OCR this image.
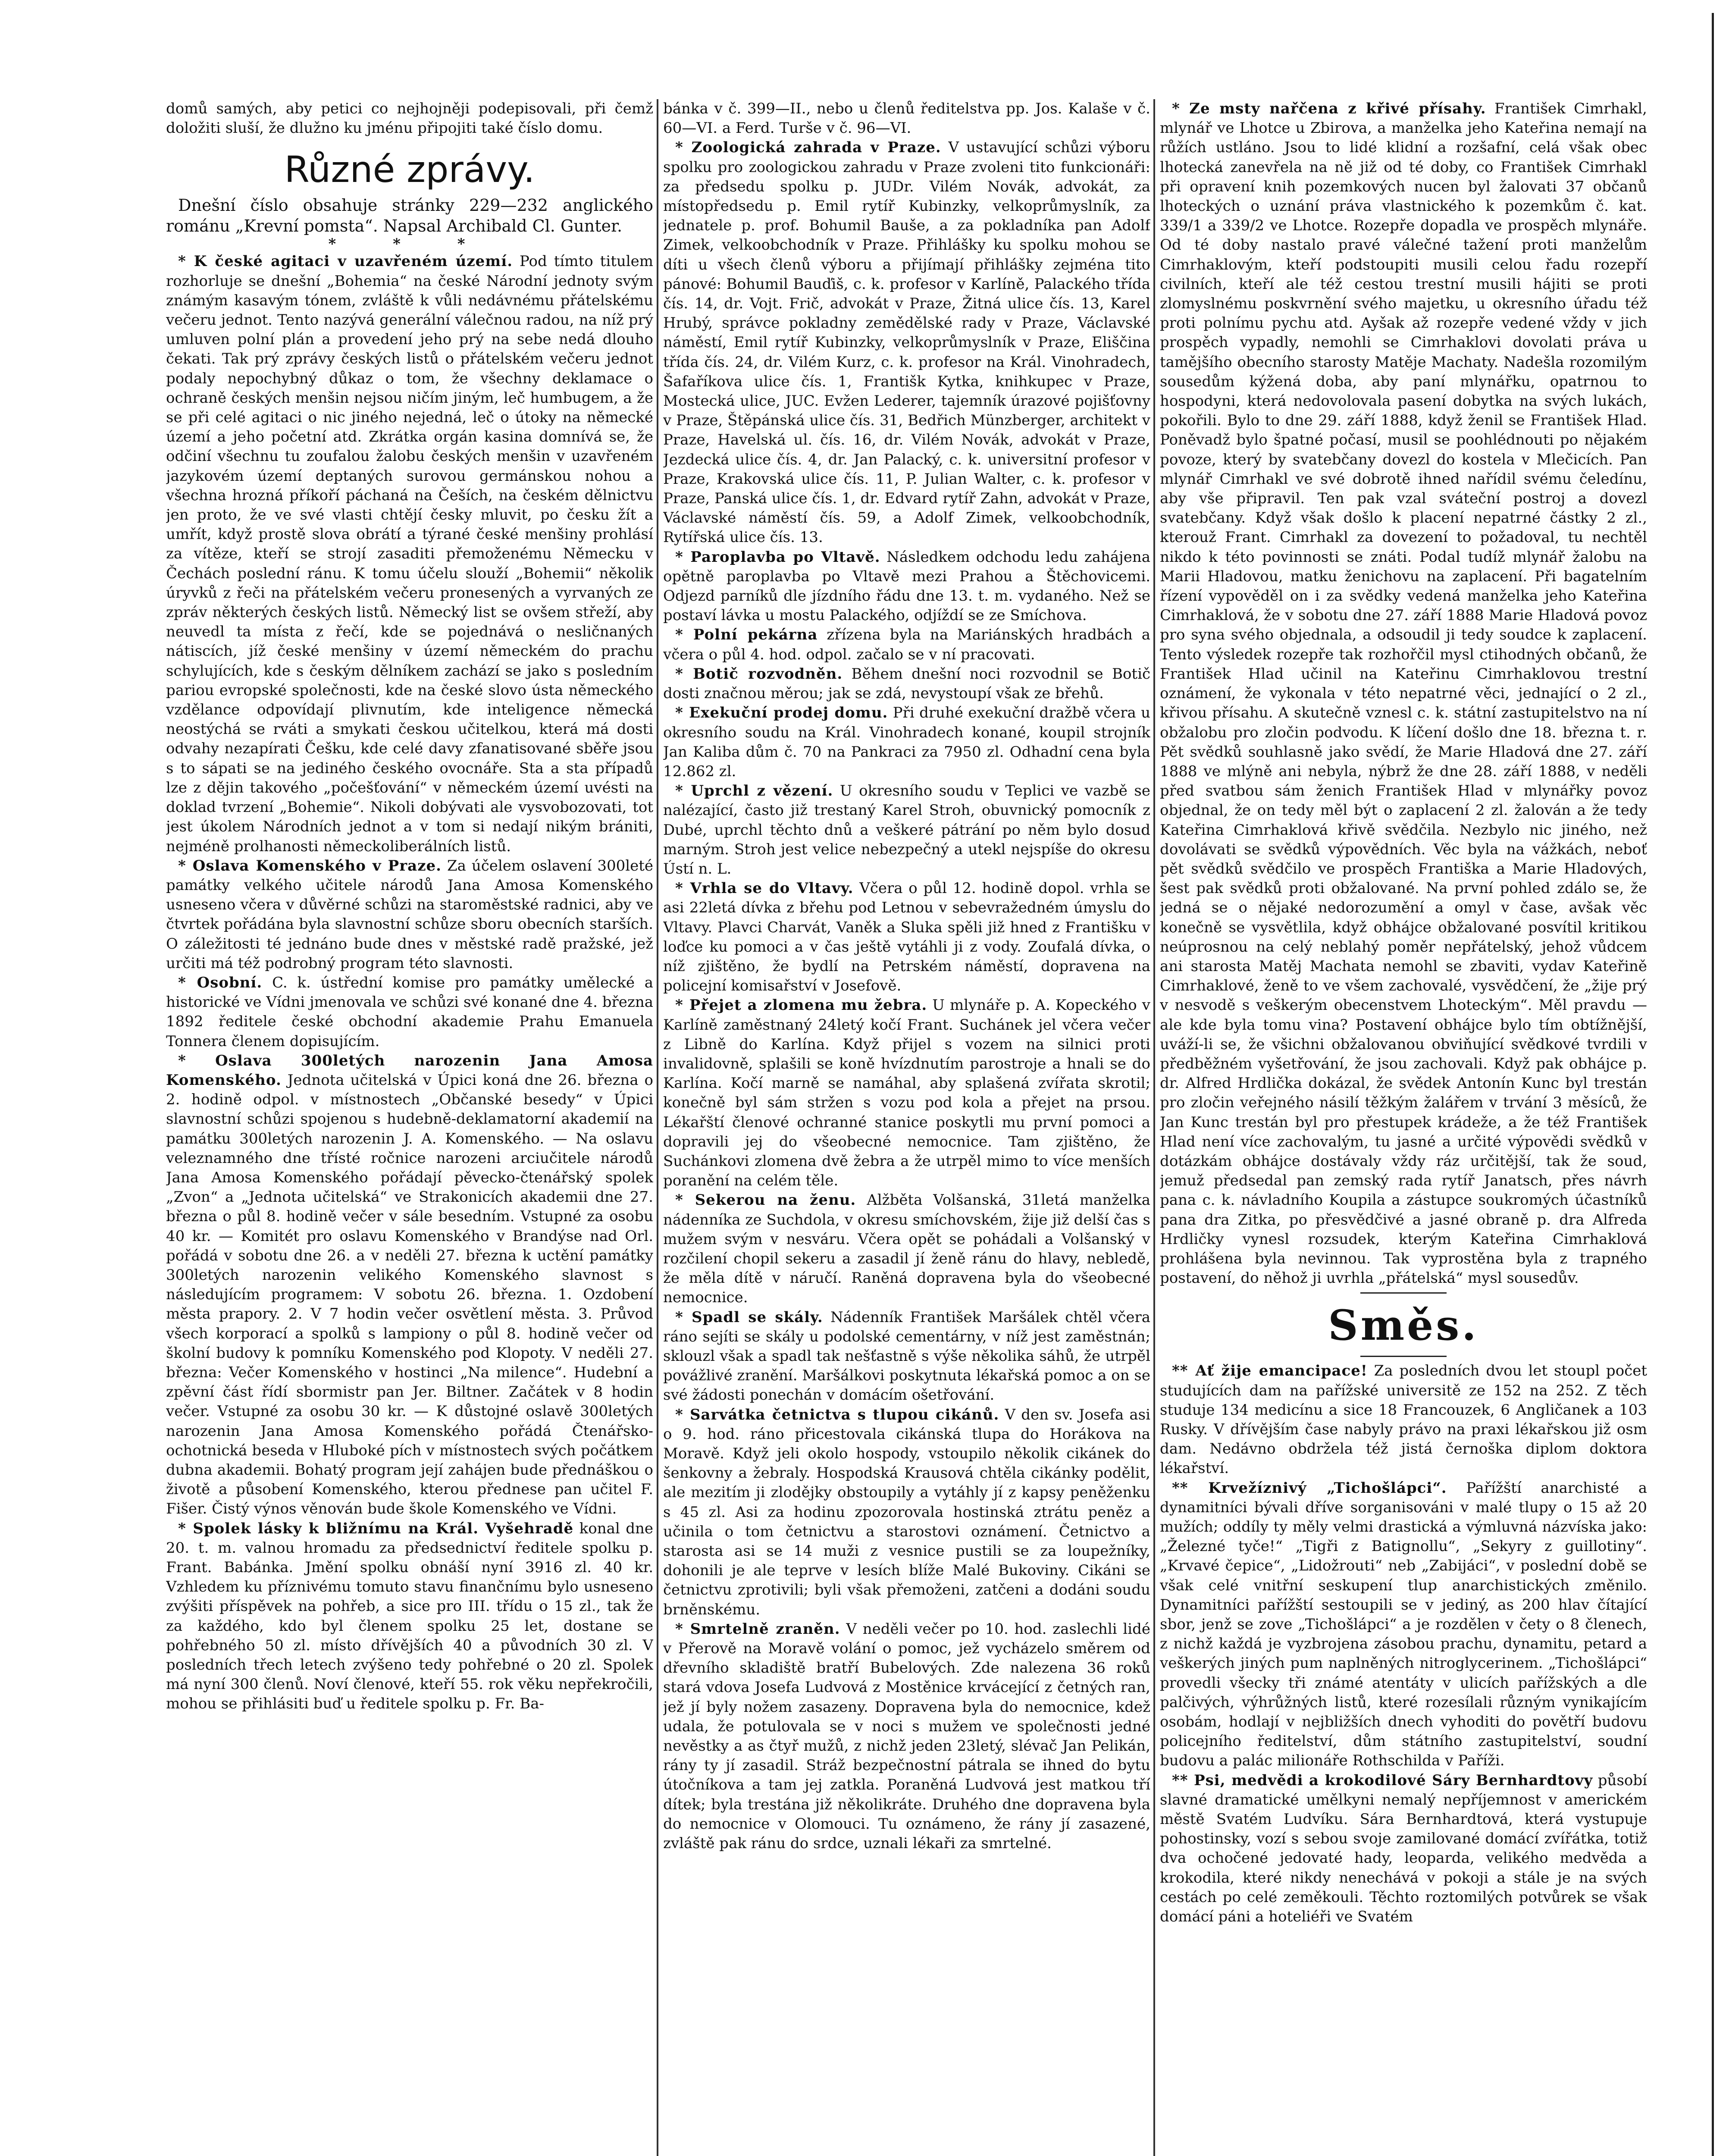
domů samých, aby petici co nejhojněji podepisovali, při čemž doložiti sluší, že dlužno ku jménu připojiti také číslo domu.

Různé zprávy.

Dnešní číslo obsahuje stránky 229—232 anglického románu „Krevní pomsta“. Napsal Archibald Cl. Gunter.

* * *

* K české agitaci v uzavřeném území. Pod tímto titulem rozhorluje se dnešní „Bohemia“ na české Národní jednoty svým známým kasavým tónem, zvláště k vůli nedávnému přátelskému večeru jednot. Tento nazývá generální válečnou radou, na níž prý umluven polní plán a provedení jeho prý na sebe nedá dlouho čekati. Tak prý zprávy českých listů o přátelském večeru jednot podaly nepochybný důkaz o tom, že všechny deklamace o ochraně českých menšin nejsou ničím jiným, leč humbugem, a že se při celé agitaci o nic jiného nejedná, leč o útoky na německé území a jeho početní atd. Zkrátka orgán kasina domnívá se, že odčiní všechnu tu zoufalou žalobu českých menšin v uzavřeném jazykovém území deptaných surovou germánskou nohou a všechna hrozná příkoří páchaná na Češích, na českém dělnictvu jen proto, že ve své vlasti chtějí česky mluvit, po česku žít a umřít, když prostě slova obrátí a týrané české menšiny prohlásí za vítěze, kteří se strojí zasaditi přemoženému Německu v Čechách poslední ránu. K tomu účelu slouží „Bohemii“ několik úryvků z řeči na přátelském večeru pronesených a vyrvaných ze zpráv některých českých listů. Německý list se ovšem střeží, aby neuvedl ta místa z řečí, kde se pojednává o nesličnaných nátiscích, jíž české menšiny v území německém do prachu schylujících, kde s českým dělníkem zachází se jako s posledním pariou evropské společnosti, kde na české slovo ústa německého vzdělance odpovídají plivnutím, kde inteligence německá neostýchá se rváti a smykati českou učitelkou, která má dosti odvahy nezapírati Češku, kde celé davy zfanatisované sběře jsou s to sápati se na jediného českého ovocnáře. Sta a sta případů lze z dějin takového „počešťování“ v německém území uvésti na doklad tvrzení „Bohemie“. Nikoli dobývati ale vysvobozovati, tot jest úkolem Národních jednot a v tom si nedají nikým brániti, nejméně prolhanosti německoliberálních listů.

* Oslava Komenského v Praze. Za účelem oslavení 300leté památky velkého učitele národů Jana Amosa Komenského usneseno včera v důvěrné schůzi na staroměstské radnici, aby ve čtvrtek pořádána byla slavnostní schůze sboru obecních starších. O záležitosti té jednáno bude dnes v městské radě pražské, jež určiti má též podrobný program této slavnosti.

* Osobní. C. k. ústřední komise pro památky umělecké a historické ve Vídni jmenovala ve schůzi své konané dne 4. března 1892 ředitele české obchodní akademie Prahu Emanuela Tonnera členem dopisujícím.

* Oslava 300letých narozenin Jana Amosa Komenského. Jednota učitelská v Úpici koná dne 26. března o 2. hodině odpol. v místnostech „Občanské besedy“ v Úpici slavnostní schůzi spojenou s hudebně-deklamatorní akademií na památku 300letých narozenin J. A. Komenského. — Na oslavu veleznamného dne třísté ročnice narozeni arciučitele národů Jana Amosa Komenského pořádají pěvecko-čtenářský spolek „Zvon“ a „Jednota učitelská“ ve Strakonicích akademii dne 27. března o půl 8. hodině večer v sále besedním. Vstupné za osobu 40 kr. — Komitét pro oslavu Komenského v Brandýse nad Orl. pořádá v sobotu dne 26. a v neděli 27. března k uctění památky 300letých narozenin velikého Komenského slavnost s následujícím programem: V sobotu 26. března. 1. Ozdobení města prapory. 2. V 7 hodin večer osvětlení města. 3. Průvod všech korporací a spolků s lampiony o půl 8. hodině večer od školní budovy k pomníku Komenského pod Klopoty. V neděli 27. března: Večer Komenského v hostinci „Na milence“. Hudební a zpěvní část řídí sbormistr pan Jer. Biltner. Začátek v 8 hodin večer. Vstupné za osobu 30 kr. — K důstojné oslavě 300letých narozenin Jana Amosa Komenského pořádá Čtenářsko-ochotnická beseda v Hluboké pích v místnostech svých počátkem dubna akademii. Bohatý program její zahájen bude přednáškou o životě a působení Komenského, kterou přednese pan učitel F. Fišer. Čistý výnos věnován bude škole Komenského ve Vídni.

* Spolek lásky k bližnímu na Král. Vyšehradě konal dne 20. t. m. valnou hromadu za předsednictví ředitele spolku p. Frant. Babánka. Jmění spolku obnáší nyní 3916 zl. 40 kr. Vzhledem ku příznivému tomuto stavu finančnímu bylo usneseno zvýšiti příspěvek na pohřeb, a sice pro III. třídu o 15 zl., tak že za každého, kdo byl členem spolku 25 let, dostane se pohřebného 50 zl. místo dřívějších 40 a původních 30 zl. V posledních třech letech zvýšeno tedy pohřebné o 20 zl. Spolek má nyní 300 členů. Noví členové, kteří 55. rok věku nepřekročili, mohou se přihlásiti buď u ředitele spolku p. Fr. Ba-

bánka v č. 399—II., nebo u členů ředitelstva pp. Jos. Kalaše v č. 60—VI. a Ferd. Turše v č. 96—VI.

* Zoologická zahrada v Praze. V ustavující schůzi výboru spolku pro zoologickou zahradu v Praze zvoleni tito funkcionáři: za předsedu spolku p. JUDr. Vilém Novák, advokát, za místopředsedu p. Emil rytíř Kubinzky, velkoprůmyslník, za jednatele p. prof. Bohumil Bauše, a za pokladníka pan Adolf Zimek, velkoobchodník v Praze. Přihlášky ku spolku mohou se díti u všech členů výboru a přijímají přihlášky zejména tito pánové: Bohumil Bauďiš, c. k. profesor v Karlíně, Palackého třída čís. 14, dr. Vojt. Frič, advokát v Praze, Žitná ulice čís. 13, Karel Hrubý, správce pokladny zemědělské rady v Praze, Václavské náměstí, Emil rytíř Kubinzky, velkoprůmyslník v Praze, Eliščina třída čís. 24, dr. Vilém Kurz, c. k. profesor na Král. Vinohradech, Šafaříkova ulice čís. 1, Františk Kytka, knihkupec v Praze, Mostecká ulice, JUC. Evžen Lederer, tajemník úrazové pojišťovny v Praze, Štěpánská ulice čís. 31, Bedřich Münzberger, architekt v Praze, Havelská ul. čís. 16, dr. Vilém Novák, advokát v Praze, Jezdecká ulice čís. 4, dr. Jan Palacký, c. k. universitní profesor v Praze, Krakovská ulice čís. 11, P. Julian Walter, c. k. profesor v Praze, Panská ulice čís. 1, dr. Edvard rytíř Zahn, advokát v Praze, Václavské náměstí čís. 59, a Adolf Zimek, velkoobchodník, Rytířská ulice čís. 13.

* Paroplavba po Vltavě. Následkem odchodu ledu zahájena opětně paroplavba po Vltavě mezi Prahou a Štěchovicemi. Odjezd parníků dle jízdního řádu dne 13. t. m. vydaného. Než se postaví lávka u mostu Palackého, odjíždí se ze Smíchova.

* Polní pekárna zřízena byla na Mariánských hradbách a včera o půl 4. hod. odpol. začalo se v ní pracovati.

* Botič rozvodněn. Během dnešní noci rozvodnil se Botič dosti značnou měrou; jak se zdá, nevystoupí však ze břehů.

* Exekuční prodej domu. Při druhé exekuční dražbě včera u okresního soudu na Král. Vinohradech konané, koupil strojník Jan Kaliba dům č. 70 na Pankraci za 7950 zl. Odhadní cena byla 12.862 zl.

* Uprchl z vězení. U okresního soudu v Teplici ve vazbě se nalézající, často již trestaný Karel Stroh, obuvnický pomocník z Dubé, uprchl těchto dnů a veškeré pátrání po něm bylo dosud marným. Stroh jest velice nebezpečný a utekl nejspíše do okresu Ústí n. L.

* Vrhla se do Vltavy. Včera o půl 12. hodině dopol. vrhla se asi 22letá dívka z břehu pod Letnou v sebevražedném úmyslu do Vltavy. Plavci Charvát, Vaněk a Sluka spěli již hned z Františku v loďce ku pomoci a v čas ještě vytáhli ji z vody. Zoufalá dívka, o níž zjištěno, že bydlí na Petrském náměstí, dopravena na policejní komisařství v Josefově.

* Přejet a zlomena mu žebra. U mlynáře p. A. Kopeckého v Karlíně zaměstnaný 24letý kočí Frant. Suchánek jel včera večer z Libně do Karlína. Když přijel s vozem na silnici proti invalidovně, splašili se koně hvízdnutím parostroje a hnali se do Karlína. Kočí marně se namáhal, aby splašená zvířata skrotil; konečně byl sám stržen s vozu pod kola a přejet na prsou. Lékařští členové ochranné stanice poskytli mu první pomoci a dopravili jej do všeobecné nemocnice. Tam zjištěno, že Suchánkovi zlomena dvě žebra a že utrpěl mimo to více menších poranění na celém těle.

* Sekerou na ženu. Alžběta Volšanská, 31letá manželka nádenníka ze Suchdola, v okresu smíchovském, žije již delší čas s mužem svým v nesváru. Včera opět se pohádali a Volšanský v rozčilení chopil sekeru a zasadil jí ženě ránu do hlavy, nebledě, že měla dítě v náručí. Raněná dopravena byla do všeobecné nemocnice.

* Spadl se skály. Nádenník František Maršálek chtěl včera ráno sejíti se skály u podolské cementárny, v níž jest zaměstnán; sklouzl však a spadl tak nešťastně s výše několika sáhů, že utrpěl povážlivé zranění. Maršálkovi poskytnuta lékařská pomoc a on se své žádosti ponechán v domácím ošetřování.

* Sarvátka četnictva s tlupou cikánů. V den sv. Josefa asi o 9. hod. ráno přicestovala cikánská tlupa do Horákova na Moravě. Když jeli okolo hospody, vstoupilo několik cikánek do šenkovny a žebraly. Hospodská Krausová chtěla cikánky podělit, ale mezitím ji zlodějky obstoupily a vytáhly jí z kapsy peněženku s 45 zl. Asi za hodinu zpozorovala hostinská ztrátu peněz a učinila o tom četnictvu a starostovi oznámení. Četnictvo a starosta asi se 14 muži z vesnice pustili se za loupežníky, dohonili je ale teprve v lesích blíže Malé Bukoviny. Cikáni se četnictvu zprotivili; byli však přemoženi, zatčeni a dodáni soudu brněnskému.

* Smrtelně zraněn. V neděli večer po 10. hod. zaslechli lidé v Přerově na Moravě volání o pomoc, jež vycházelo směrem od dřevního skladiště bratří Bubelových. Zde nalezena 36 roků stará vdova Josefa Ludvová z Mostěnice krvácející z četných ran, jež jí byly nožem zasazeny. Dopravena byla do nemocnice, kdež udala, že potulovala se v noci s mužem ve společnosti jedné nevěstky a as čtyř mužů, z nichž jeden 23letý, slévač Jan Pelikán, rány ty jí zasadil. Stráž bezpečnostní pátrala se ihned do bytu útočníkova a tam jej zatkla. Poraněná Ludvová jest matkou tří dítek; byla trestána již několikráte. Druhého dne dopravena byla do nemocnice v Olomouci. Tu oznámeno, že rány jí zasazené, zvláště pak ránu do srdce, uznali lékaři za smrtelné.

* Ze msty nařčena z křivé přísahy. František Cimrhakl, mlynář ve Lhotce u Zbirova, a manželka jeho Kateřina nemají na růžích ustláno. Jsou to lidé klidní a rozšafní, celá však obec lhotecká zanevřela na ně již od té doby, co František Cimrhakl při opravení knih pozemkových nucen byl žalovati 37 občanů lhoteckých o uznání práva vlastnického k pozemkům č. kat. 339/1 a 339/2 ve Lhotce. Rozepře dopadla ve prospěch mlynáře. Od té doby nastalo pravé válečné tažení proti manželům Cimrhaklovým, kteří podstoupiti musili celou řadu rozepří civilních, kteří ale též cestou trestní musili hájiti se proti zlomyslnému poskvrnění svého majetku, u okresního úřadu též proti polnímu pychu atd. Ayšak až rozepře vedené vždy v jich prospěch vypadly, nemohli se Cimrhaklovi dovolati práva u tamějšího obecního starosty Matěje Machaty. Nadešla rozomilým sousedům kýžená doba, aby paní mlynářku, opatrnou to hospodyni, která nedovolovala pasení dobytka na svých lukách, pokořili. Bylo to dne 29. září 1888, když ženil se František Hlad. Poněvadž bylo špatné počasí, musil se poohlédnouti po nějakém povoze, který by svatebčany dovezl do kostela v Mlečicích. Pan mlynář Cimrhakl ve své dobrotě ihned nařídil svému čeledínu, aby vše připravil. Ten pak vzal sváteční postroj a dovezl svatebčany. Když však došlo k placení nepatrné částky 2 zl., kterouž Frant. Cimrhakl za dovezení to požadoval, tu nechtěl nikdo k této povinnosti se znáti. Podal tudíž mlynář žalobu na Marii Hladovou, matku ženichovu na zaplacení. Při bagatelním řízení vypověděl on i za svědky vedená manželka jeho Kateřina Cimrhaklová, že v sobotu dne 27. září 1888 Marie Hladová povoz pro syna svého objednala, a odsoudil ji tedy soudce k zaplacení. Tento výsledek rozepře tak rozhořčil mysl ctihodných občanů, že František Hlad učinil na Kateřinu Cimrhaklovou trestní oznámení, že vykonala v této nepatrné věci, jednající o 2 zl., křivou přísahu. A skutečně vznesl c. k. státní zastupitelstvo na ní obžalobu pro zločin podvodu. K líčení došlo dne 18. března t. r. Pět svědků souhlasně jako svědí, že Marie Hladová dne 27. září 1888 ve mlýně ani nebyla, nýbrž že dne 28. září 1888, v neděli před svatbou sám ženich František Hlad v mlynářky povoz objednal, že on tedy měl být o zaplacení 2 zl. žalován a že tedy Kateřina Cimrhaklová křivě svědčila. Nezbylo nic jiného, než dovolávati se svědků výpovědních. Věc byla na vážkách, neboť pět svědků svědčilo ve prospěch Františka a Marie Hladových, šest pak svědků proti obžalované. Na první pohled zdálo se, že jedná se o nějaké nedorozumění a omyl v čase, avšak věc konečně se vysvětlila, když obhájce obžalované posvítil kritikou neúprosnou na celý neblahý poměr nepřátelský, jehož vůdcem ani starosta Matěj Machata nemohl se zbaviti, vydav Kateřině Cimrhaklové, ženě to ve všem zachovalé, vysvědčení, že „žije prý v nesvodě s veškerým obecenstvem Lhoteckým“. Měl pravdu — ale kde byla tomu vina? Postavení obhájce bylo tím obtížnější, uváží-li se, že všichni obžalovanou obviňující svědkové tvrdili v předběžném vyšetřování, že jsou zachovali. Když pak obhájce p. dr. Alfred Hrdlička dokázal, že svědek Antonín Kunc byl trestán pro zločin veřejného násilí těžkým žalářem v trvání 3 měsíců, že Jan Kunc trestán byl pro přestupek krádeže, a že též František Hlad není více zachovalým, tu jasné a určité výpovědi svědků v dotázkám obhájce dostávaly vždy ráz určitější, tak že soud, jemuž předsedal pan zemský rada rytíř Janatsch, přes návrh pana c. k. návladního Koupila a zástupce soukromých účastníků pana dra Zitka, po přesvědčivé a jasné obraně p. dra Alfreda Hrdličky vynesl rozsudek, kterým Kateřina Cimrhaklová prohlášena byla nevinnou. Tak vyprostěna byla z trapného postavení, do něhož ji uvrhla „přátelská“ mysl sousedův.

Směs.

** Ať žije emancipace! Za posledních dvou let stoupl počet studujících dam na pařížské universitě ze 152 na 252. Z těch studuje 134 medicínu a sice 18 Francouzek, 6 Angličanek a 103 Rusky. V dřívějším čase nabyly právo na praxi lékařskou již osm dam. Nedávno obdržela též jistá černoška diplom doktora lékařství.

** Krvežíznivý „Tichošlápci“. Pařížští anarchisté a dynamitníci bývali dříve sorganisováni v malé tlupy o 15 až 20 mužích; oddíly ty měly velmi drastická a výmluvná názvíska jako: „Železné tyče!“ „Tigři z Batignollu“, „Sekyry z guillotiny“. „Krvavé čepice“, „Lidožrouti“ neb „Zabijáci“, v poslední době se však celé vnitřní seskupení tlup anarchistických změnilo. Dynamitníci pařížští sestoupili se v jediný, as 200 hlav čítající sbor, jenž se zove „Tichošlápci“ a je rozdělen v čety o 8 členech, z nichž každá je vyzbrojena zásobou prachu, dynamitu, petard a veškerých jiných pum naplněných nitroglycerinem. „Tichošlápci“ provedli všecky tři známé atentáty v ulicích pařížských a dle palčivých, výhrůžných listů, které rozesílali různým vynikajícím osobám, hodlají v nejbližších dnech vyhoditi do povětří budovu policejního ředitelství, dům státního zastupitelství, soudní budovu a palác milionáře Rothschilda v Paříži.

** Psi, medvědi a krokodilové Sáry Bernhardtovy působí slavné dramatické umělkyni nemalý nepříjemnost v americkém městě Svatém Ludvíku. Sára Bernhardtová, která vystupuje pohostinsky, vozí s sebou svoje zamilované domácí zvířátka, totiž dva ochočené jedovaté hady, leoparda, velikého medvěda a krokodila, které nikdy nenechává v pokoji a stále je na svých cestách po celé zeměkouli. Těchto roztomilých potvůrek se však domácí páni a hoteliéři ve Svatém
